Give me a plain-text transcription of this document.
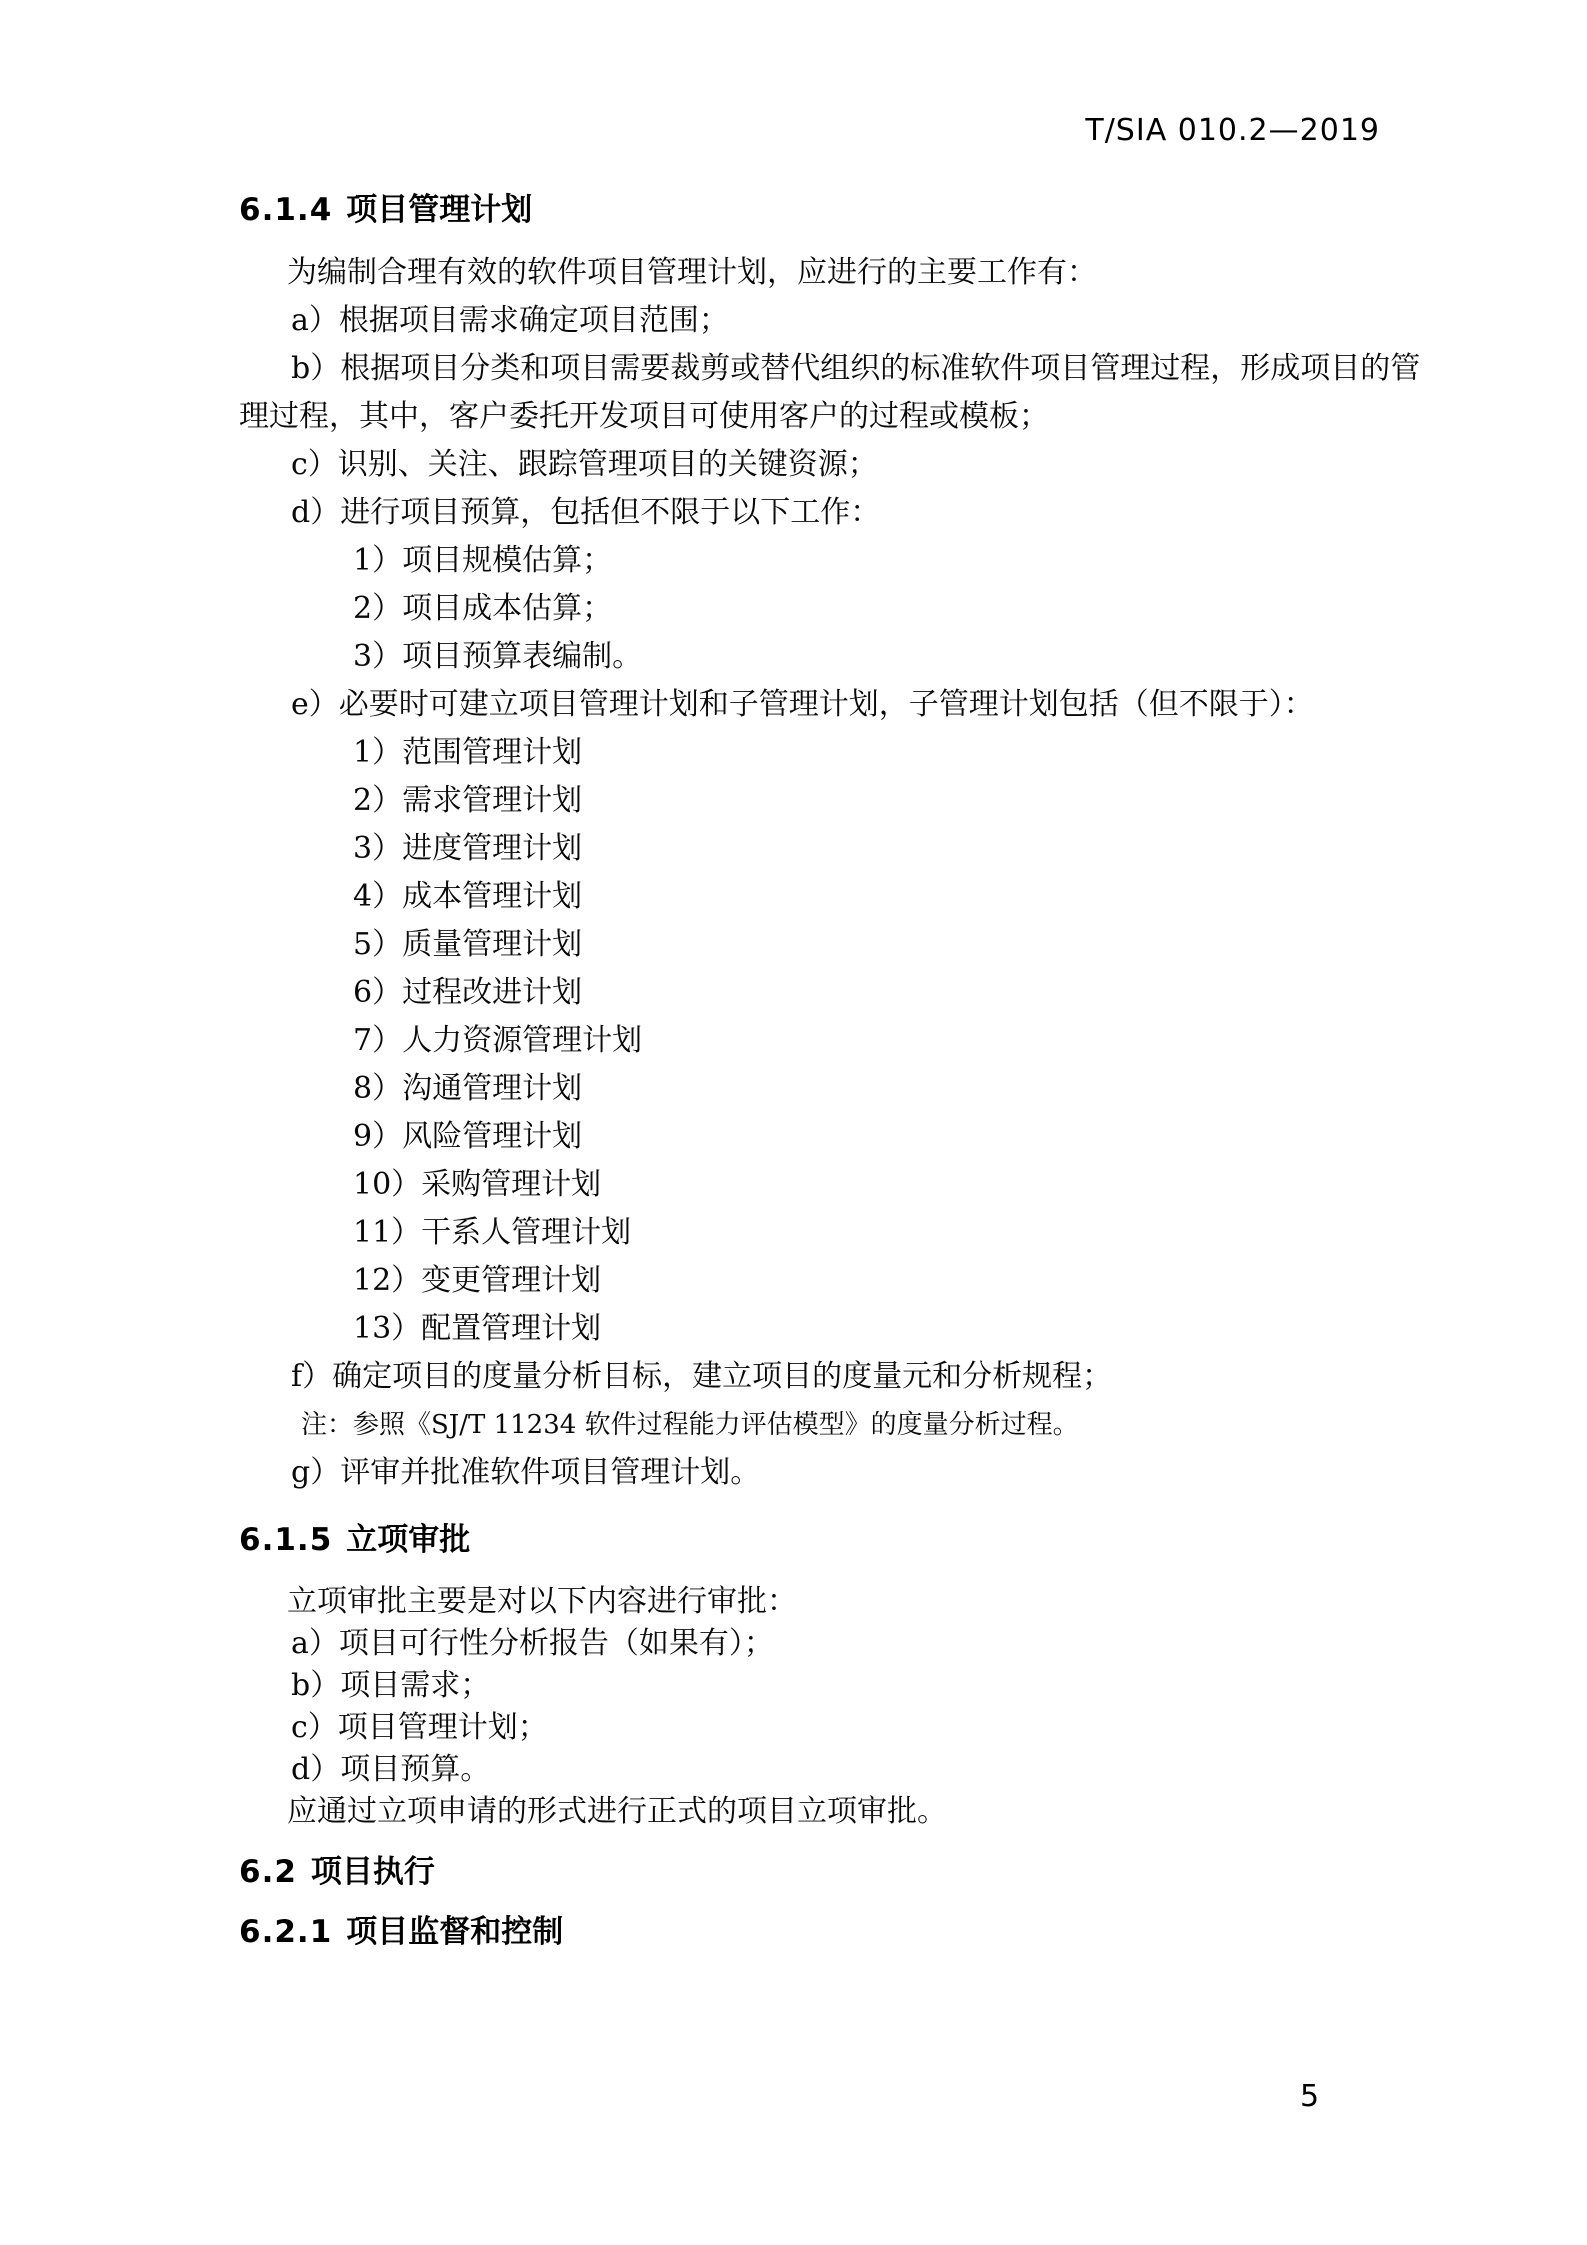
T/SIA 010.2—2019
6.1.4 项目管理计划

为编制合理有效的软件项目管理计划，应进行的主要工作有：

a）根据项目需求确定项目范围；

b）根据项目分类和项目需要裁剪或替代组织的标准软件项目管理过程，形成项目的管

理过程，其中，客户委托开发项目可使用客户的过程或模板；

c）识别、关注、跟踪管理项目的关键资源；

d）进行项目预算，包括但不限于以下工作：

1）项目规模估算；

2）项目成本估算；

3）项目预算表编制。

e）必要时可建立项目管理计划和子管理计划，子管理计划包括（但不限于）：

1）范围管理计划

2）需求管理计划

3）进度管理计划

4）成本管理计划

5）质量管理计划

6）过程改进计划

7）人力资源管理计划

8）沟通管理计划

9）风险管理计划

10）采购管理计划

11）干系人管理计划

12）变更管理计划

13）配置管理计划

f）确定项目的度量分析目标，建立项目的度量元和分析规程；

注：参照《SJ/T 11234 软件过程能力评估模型》的度量分析过程。

g）评审并批准软件项目管理计划。

6.1.5 立项审批

立项审批主要是对以下内容进行审批：

a）项目可行性分析报告（如果有）；

b）项目需求；

c）项目管理计划；

d）项目预算。

应通过立项申请的形式进行正式的项目立项审批。

6.2 项目执行
6.2.1 项目监督和控制
5
